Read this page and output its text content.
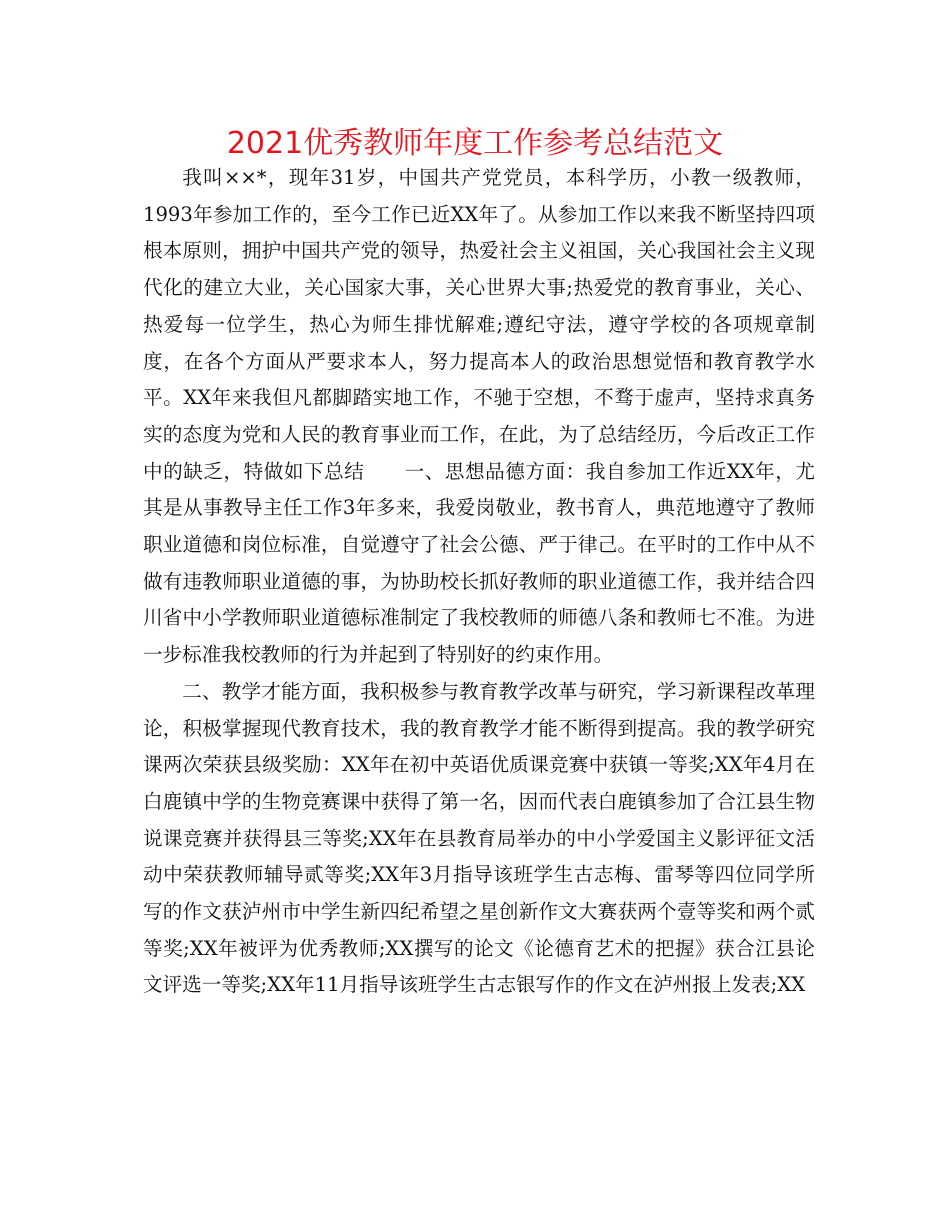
2021优秀教师年度工作参考总结范文

我叫××*，现年31岁，中国共产党党员，本科学历，小教一级教师，1993年参加工作的，至今工作已近XX年了。从参加工作以来我不断坚持四项根本原则，拥护中国共产党的领导，热爱社会主义祖国，关心我国社会主义现代化的建立大业，关心国家大事，关心世界大事;热爱党的教育事业，关心、热爱每一位学生，热心为师生排忧解难;遵纪守法，遵守学校的各项规章制度，在各个方面从严要求本人，努力提高本人的政治思想觉悟和教育教学水平。XX年来我但凡都脚踏实地工作，不驰于空想，不骛于虚声，坚持求真务实的态度为党和人民的教育事业而工作，在此，为了总结经历，今后改正工作中的缺乏，特做如下总结　　一、思想品德方面：我自参加工作近XX年，尤其是从事教导主任工作3年多来，我爱岗敬业，教书育人，典范地遵守了教师职业道德和岗位标准，自觉遵守了社会公德、严于律己。在平时的工作中从不做有违教师职业道德的事，为协助校长抓好教师的职业道德工作，我并结合四川省中小学教师职业道德标准制定了我校教师的师德八条和教师七不准。为进一步标准我校教师的行为并起到了特别好的约束作用。

二、教学才能方面，我积极参与教育教学改革与研究，学习新课程改革理论，积极掌握现代教育技术，我的教育教学才能不断得到提高。我的教学研究课两次荣获县级奖励：XX年在初中英语优质课竞赛中获镇一等奖;XX年4月在白鹿镇中学的生物竞赛课中获得了第一名，因而代表白鹿镇参加了合江县生物说课竞赛并获得县三等奖;XX年在县教育局举办的中小学爱国主义影评征文活动中荣获教师辅导贰等奖;XX年3月指导该班学生古志梅、雷琴等四位同学所写的作文获泸州市中学生新四纪希望之星创新作文大赛获两个壹等奖和两个贰等奖;XX年被评为优秀教师;XX撰写的论文《论德育艺术的把握》获合江县论文评选一等奖;XX年11月指导该班学生古志银写作的作文在泸州报上发表;XX
